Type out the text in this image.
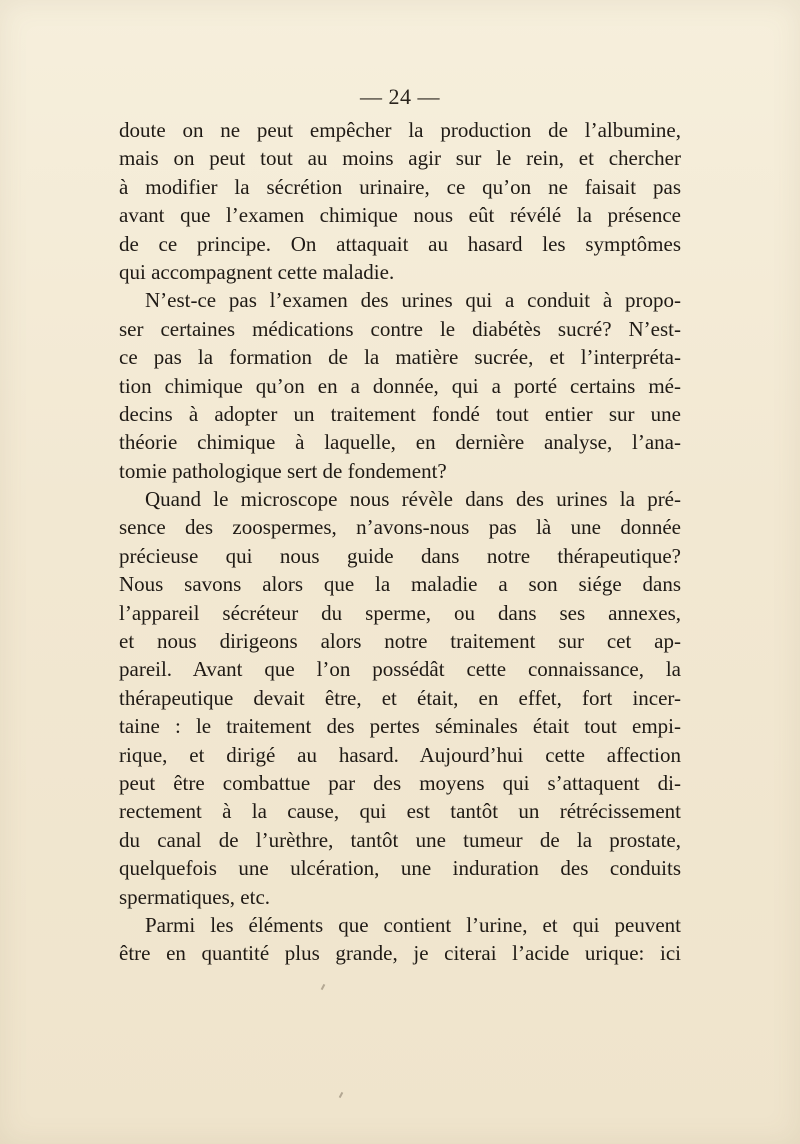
— 24 —
doute on ne peut empêcher la production de l’albumine,
mais on peut tout au moins agir sur le rein, et chercher
à modifier la sécrétion urinaire, ce qu’on ne faisait pas
avant que l’examen chimique nous eût révélé la présence
de ce principe. On attaquait au hasard les symptômes
qui accompagnent cette maladie.
N’est-ce pas l’examen des urines qui a conduit à propo-
ser certaines médications contre le diabétès sucré? N’est-
ce pas la formation de la matière sucrée, et l’interpréta-
tion chimique qu’on en a donnée, qui a porté certains mé-
decins à adopter un traitement fondé tout entier sur une
théorie chimique à laquelle, en dernière analyse, l’ana-
tomie pathologique sert de fondement?
Quand le microscope nous révèle dans des urines la pré-
sence des zoospermes, n’avons-nous pas là une donnée
précieuse qui nous guide dans notre thérapeutique?
Nous savons alors que la maladie a son siége dans
l’appareil sécréteur du sperme, ou dans ses annexes,
et nous dirigeons alors notre traitement sur cet ap-
pareil. Avant que l’on possédât cette connaissance, la
thérapeutique devait être, et était, en effet, fort incer-
taine : le traitement des pertes séminales était tout empi-
rique, et dirigé au hasard. Aujourd’hui cette affection
peut être combattue par des moyens qui s’attaquent di-
rectement à la cause, qui est tantôt un rétrécissement
du canal de l’urèthre, tantôt une tumeur de la prostate,
quelquefois une ulcération, une induration des conduits
spermatiques, etc.
Parmi les éléments que contient l’urine, et qui peuvent
être en quantité plus grande, je citerai l’acide urique: ici
